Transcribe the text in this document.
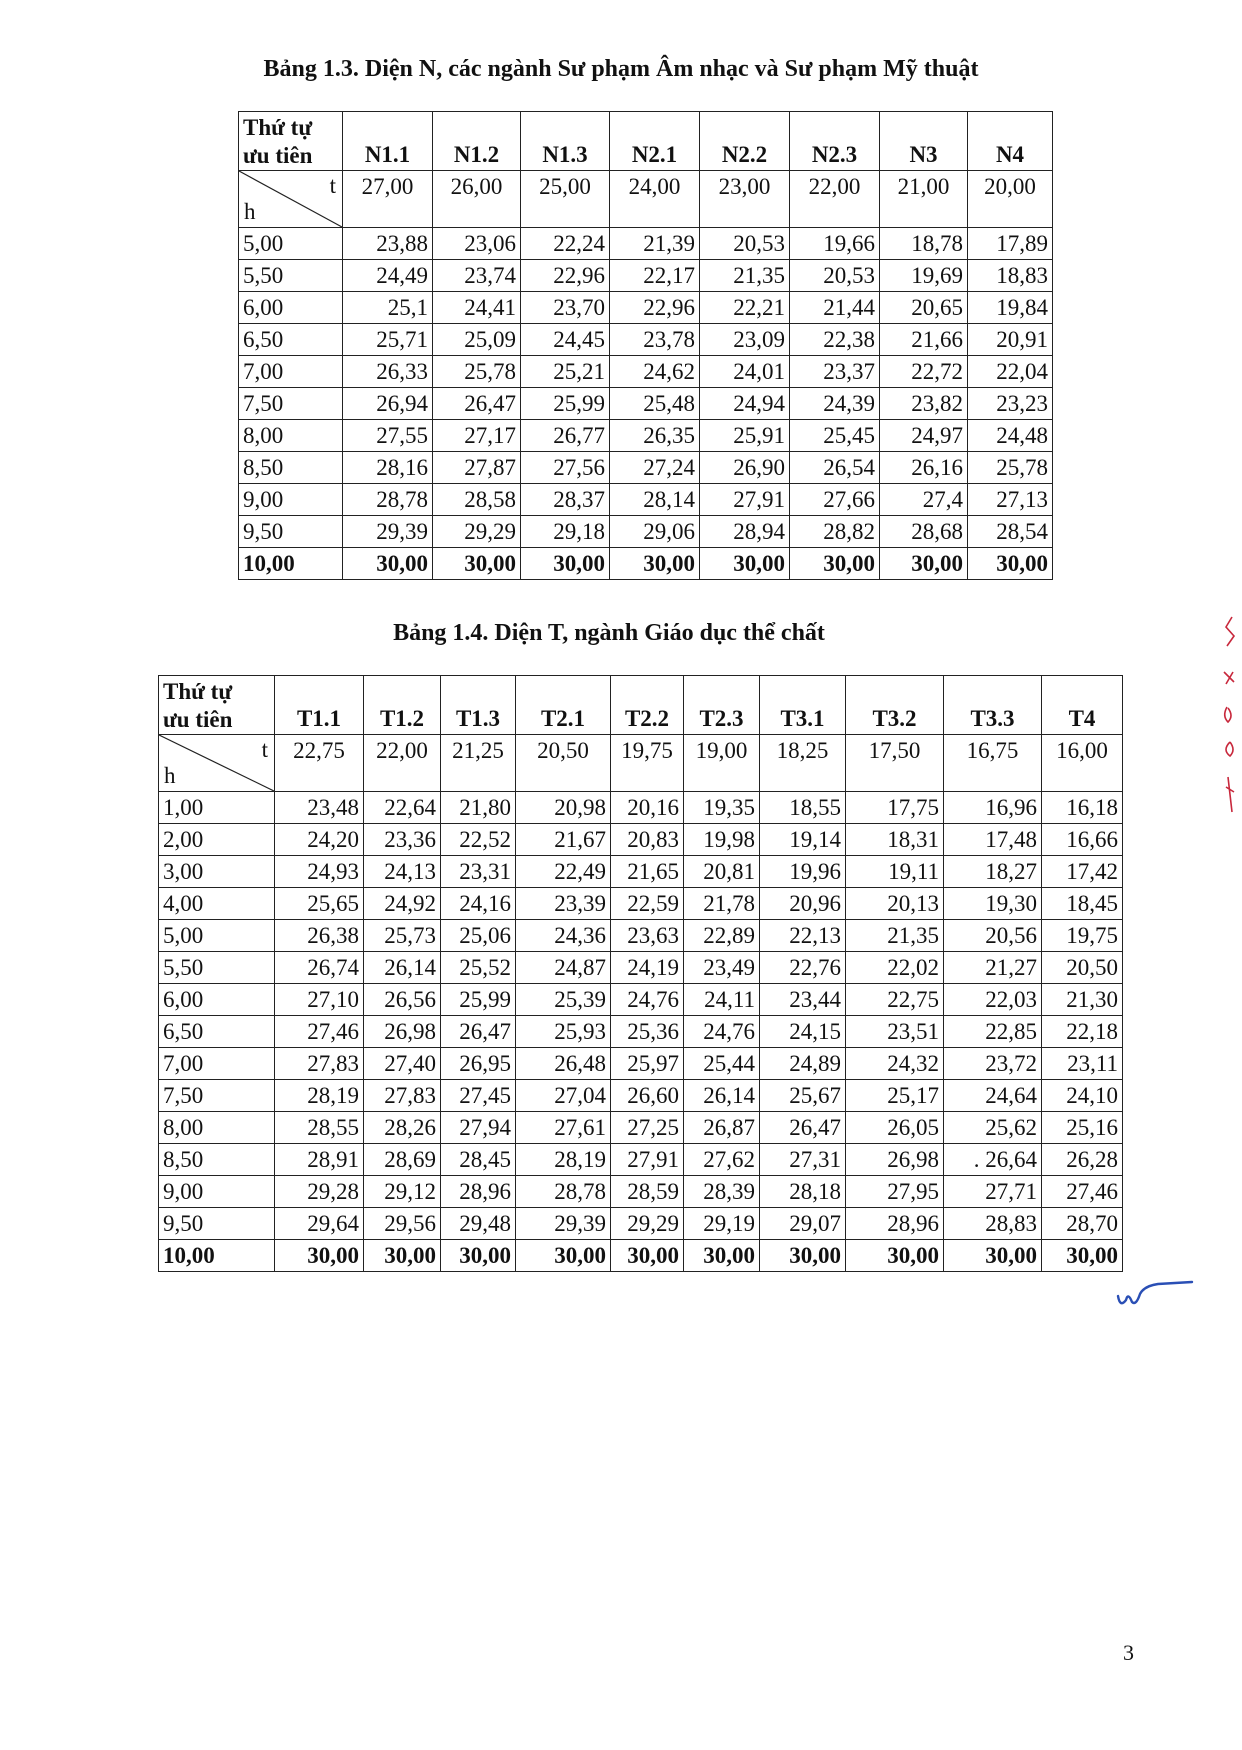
Bảng 1.3. Diện N, các ngành Sư phạm Âm nhạc và Sư phạm Mỹ thuật
Thứ tự
ưu tiên	N1.1	N1.2	N1.3	N2.1	N2.2	N2.3	N3	N4

t
h	27,00	26,00	25,00	24,00	23,00	22,00	21,00	20,00
5,00	23,88	23,06	22,24	21,39	20,53	19,66	18,78	17,89
5,50	24,49	23,74	22,96	22,17	21,35	20,53	19,69	18,83
6,00	25,1	24,41	23,70	22,96	22,21	21,44	20,65	19,84
6,50	25,71	25,09	24,45	23,78	23,09	22,38	21,66	20,91
7,00	26,33	25,78	25,21	24,62	24,01	23,37	22,72	22,04
7,50	26,94	26,47	25,99	25,48	24,94	24,39	23,82	23,23
8,00	27,55	27,17	26,77	26,35	25,91	25,45	24,97	24,48
8,50	28,16	27,87	27,56	27,24	26,90	26,54	26,16	25,78
9,00	28,78	28,58	28,37	28,14	27,91	27,66	27,4	27,13
9,50	29,39	29,29	29,18	29,06	28,94	28,82	28,68	28,54
10,00	30,00	30,00	30,00	30,00	30,00	30,00	30,00	30,00
Bảng 1.4. Diện T, ngành Giáo dục thể chất
Thứ tự
ưu tiên	T1.1	T1.2	T1.3	T2.1	T2.2	T2.3	T3.1	T3.2	T3.3	T4

t
h	22,75	22,00	21,25	20,50	19,75	19,00	18,25	17,50	16,75	16,00
1,00	23,48	22,64	21,80	20,98	20,16	19,35	18,55	17,75	16,96	16,18
2,00	24,20	23,36	22,52	21,67	20,83	19,98	19,14	18,31	17,48	16,66
3,00	24,93	24,13	23,31	22,49	21,65	20,81	19,96	19,11	18,27	17,42
4,00	25,65	24,92	24,16	23,39	22,59	21,78	20,96	20,13	19,30	18,45
5,00	26,38	25,73	25,06	24,36	23,63	22,89	22,13	21,35	20,56	19,75
5,50	26,74	26,14	25,52	24,87	24,19	23,49	22,76	22,02	21,27	20,50
6,00	27,10	26,56	25,99	25,39	24,76	24,11	23,44	22,75	22,03	21,30
6,50	27,46	26,98	26,47	25,93	25,36	24,76	24,15	23,51	22,85	22,18
7,00	27,83	27,40	26,95	26,48	25,97	25,44	24,89	24,32	23,72	23,11
7,50	28,19	27,83	27,45	27,04	26,60	26,14	25,67	25,17	24,64	24,10
8,00	28,55	28,26	27,94	27,61	27,25	26,87	26,47	26,05	25,62	25,16
8,50	28,91	28,69	28,45	28,19	27,91	27,62	27,31	26,98	. 26,64	26,28
9,00	29,28	29,12	28,96	28,78	28,59	28,39	28,18	27,95	27,71	27,46
9,50	29,64	29,56	29,48	29,39	29,29	29,19	29,07	28,96	28,83	28,70
10,00	30,00	30,00	30,00	30,00	30,00	30,00	30,00	30,00	30,00	30,00
3
